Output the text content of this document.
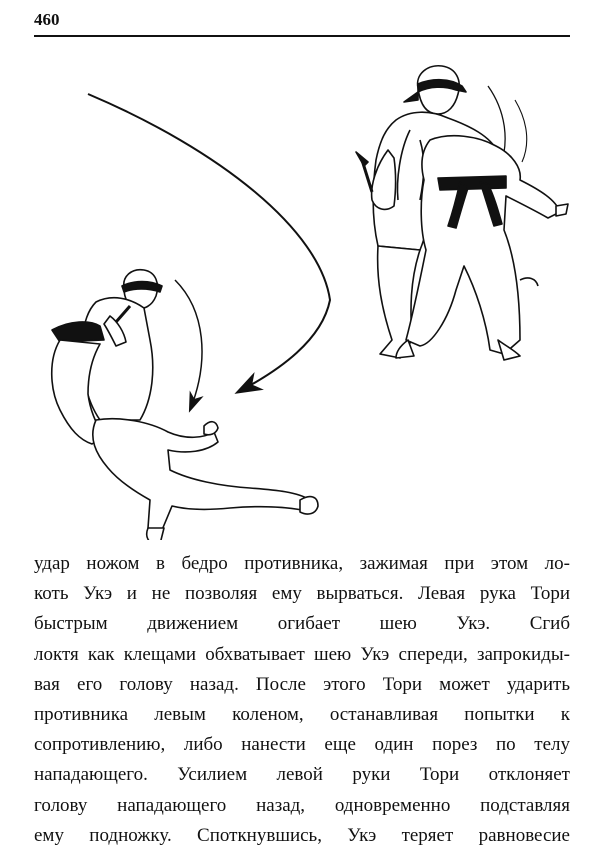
460
удар ножом в бедро противника, зажимая при этом ло-
коть Укэ и не позволяя ему вырваться. Левая рука Тори
быстрым движением огибает шею Укэ. Сгиб
локтя как клещами обхватывает шею Укэ спереди, запрокиды-
вая его голову назад. После этого Тори может ударить
противника левым коленом, останавливая попытки к
сопротивлению, либо нанести еще один порез по телу
нападающего. Усилием левой руки Тори отклоняет
голову нападающего назад, одновременно подставляя
ему подножку. Споткнувшись, Укэ теряет равновесие
